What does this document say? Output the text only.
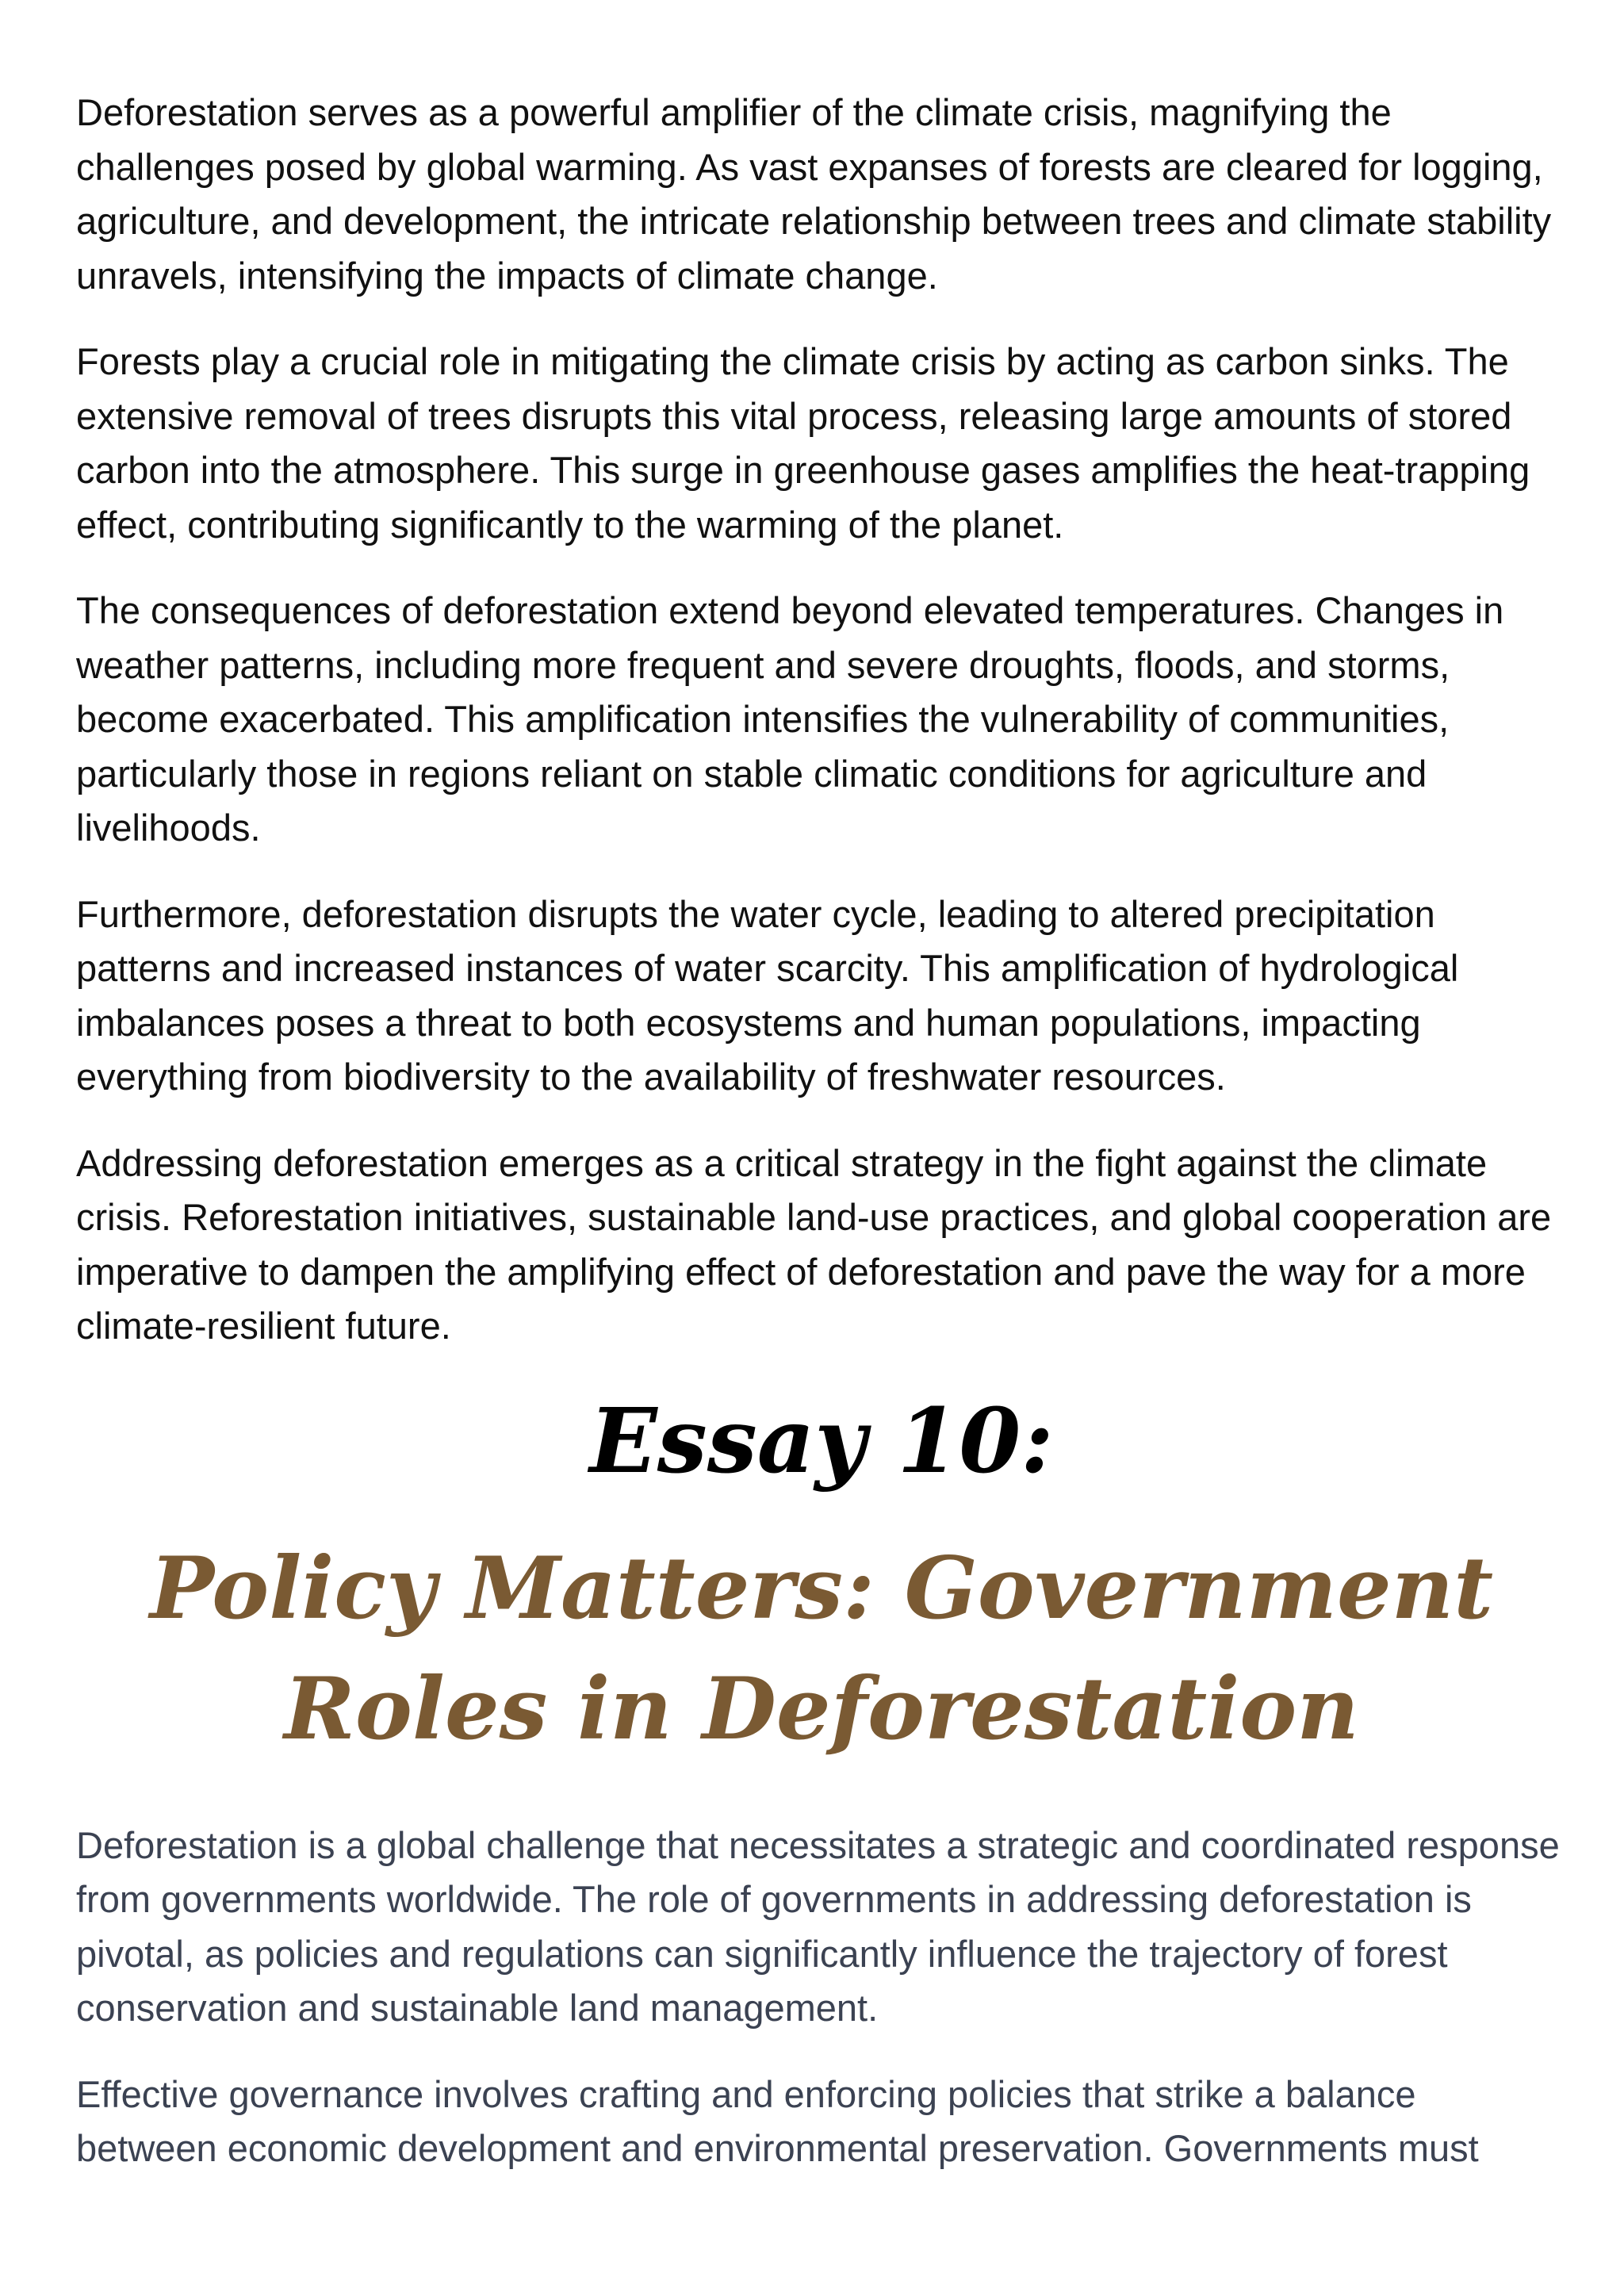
Deforestation serves as a powerful amplifier of the climate crisis, magnifying the challenges posed by global warming. As vast expanses of forests are cleared for logging, agriculture, and development, the intricate relationship between trees and climate stability unravels, intensifying the impacts of climate change.

Forests play a crucial role in mitigating the climate crisis by acting as carbon sinks. The extensive removal of trees disrupts this vital process, releasing large amounts of stored carbon into the atmosphere. This surge in greenhouse gases amplifies the heat-trapping effect, contributing significantly to the warming of the planet.

The consequences of deforestation extend beyond elevated temperatures. Changes in weather patterns, including more frequent and severe droughts, floods, and storms, become exacerbated. This amplification intensifies the vulnerability of communities, particularly those in regions reliant on stable climatic conditions for agriculture and livelihoods.

Furthermore, deforestation disrupts the water cycle, leading to altered precipitation patterns and increased instances of water scarcity. This amplification of hydrological imbalances poses a threat to both ecosystems and human populations, impacting everything from biodiversity to the availability of freshwater resources.

Addressing deforestation emerges as a critical strategy in the fight against the climate crisis. Reforestation initiatives, sustainable land-use practices, and global cooperation are imperative to dampen the amplifying effect of deforestation and pave the way for a more climate-resilient future.

Essay 10:
Policy Matters: Government Roles in Deforestation

Deforestation is a global challenge that necessitates a strategic and coordinated response from governments worldwide. The role of governments in addressing deforestation is pivotal, as policies and regulations can significantly influence the trajectory of forest conservation and sustainable land management.

Effective governance involves crafting and enforcing policies that strike a balance between economic development and environmental preservation. Governments must
